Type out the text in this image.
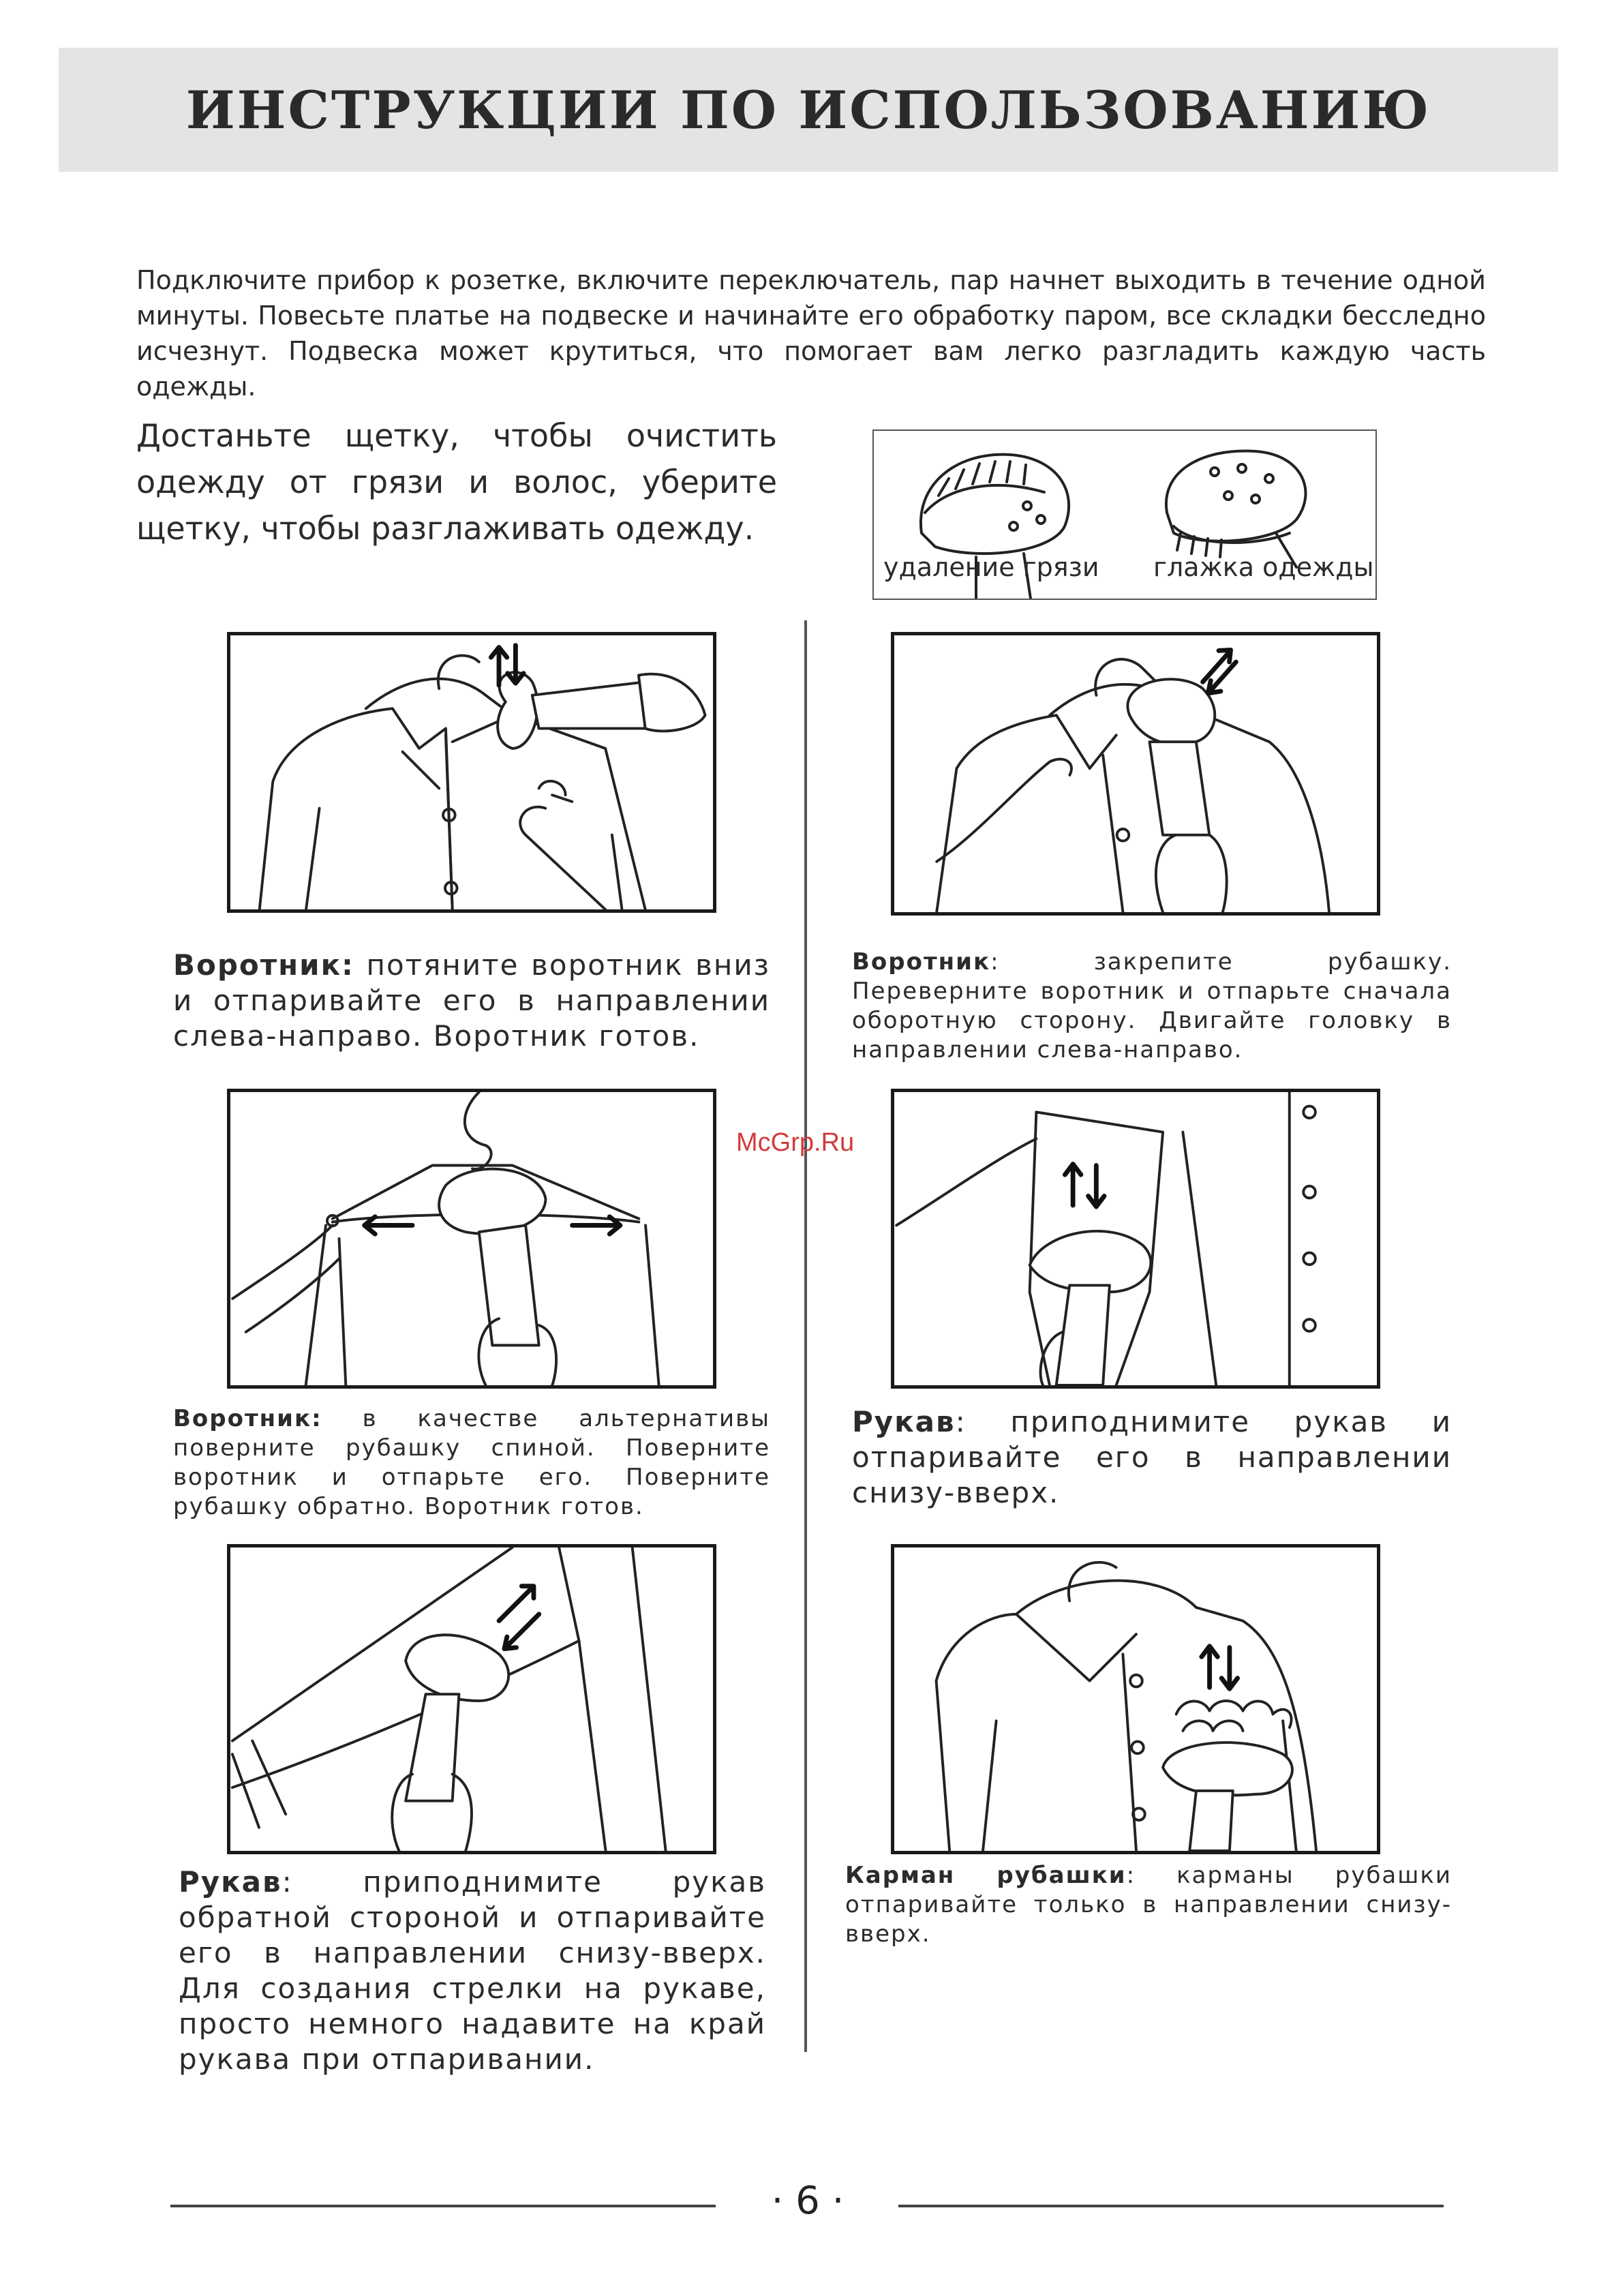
ИНСТРУКЦИИ ПО ИСПОЛЬЗОВАНИЮ
Подключите прибор к розетке, включите переключатель, пар начнет выходить в течение одной минуты. Повесьте платье на подвеске и начинайте его обработку паром, все складки бесследно исчезнут. Подвеска может крутиться, что помогает вам легко разгладить каждую часть одежды.
Достаньте щетку, чтобы очистить одежду от грязи и волос, уберите щетку, чтобы разглаживать одежду.
удаление грязи глажка одежды
Воротник: потяните воротник вниз и отпаривайте его в направлении слева-направо. Воротник готов.
Воротник: закрепите рубашку. Переверните воротник и отпарьте сначала оборотную сторону. Двигайте головку в направлении слева-направо.
Воротник: в качестве альтернативы поверните рубашку спиной. Поверните воротник и отпарьте его. Поверните рубашку обратно. Воротник готов.
Рукав: приподнимите рукав и отпаривайте его в направлении снизу-вверх.
Рукав: приподнимите рукав обратной стороной и отпаривайте его в направлении снизу-вверх. Для создания стрелки на рукаве, просто немного надавите на край рукава при отпаривании.
Карман рубашки: карманы рубашки отпаривайте только в направлении снизу-вверх.
McGrp.Ru
· 6 ·
